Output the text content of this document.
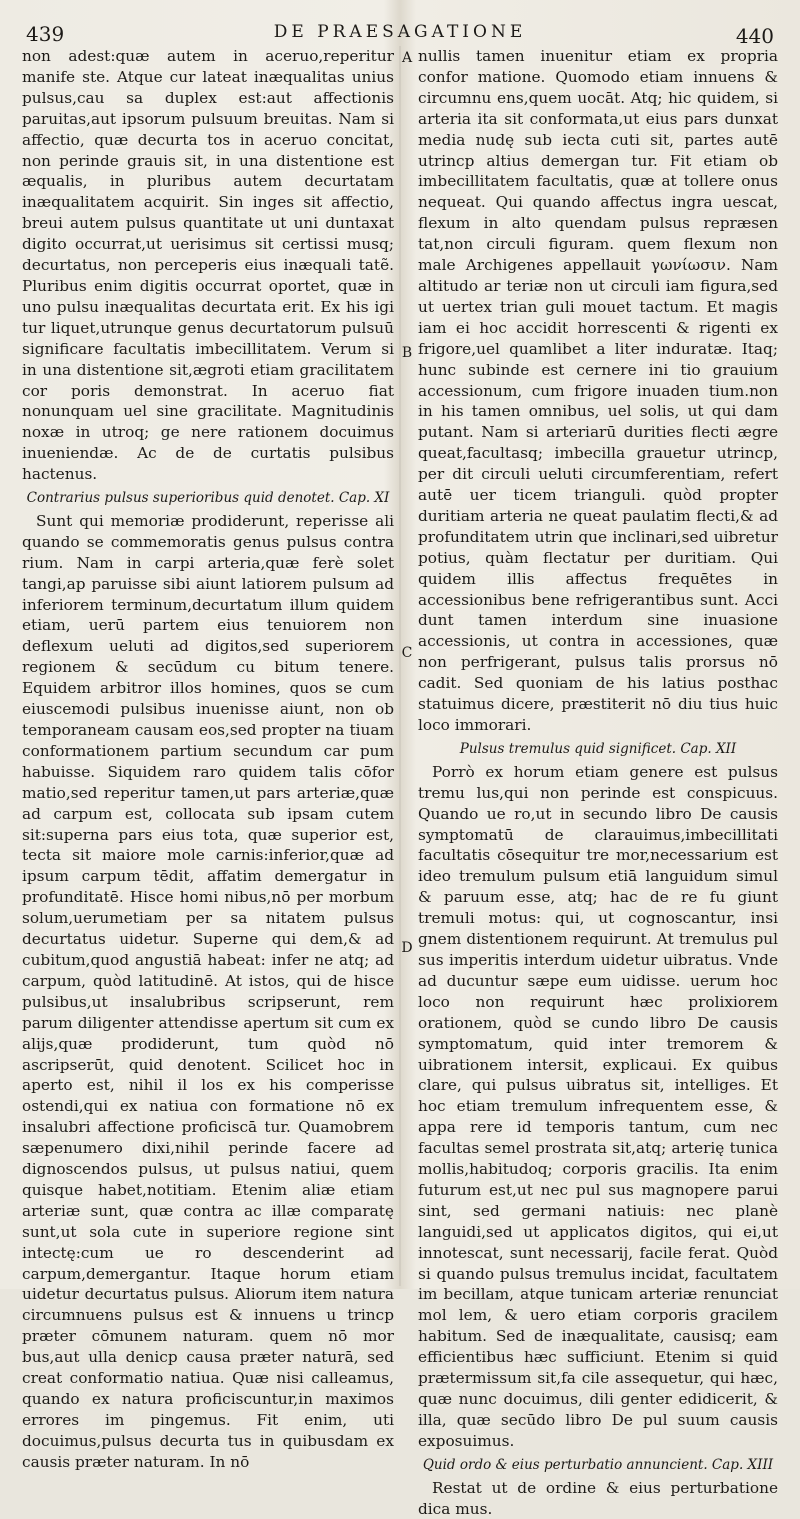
439	DE PRAESAGATIONE	440
A
B
C
D

non adest:quæ autem in aceruo,reperitur manife ste. Atque cur lateat inæqualitas unius pulsus,cau sa duplex est:aut affectionis paruitas,aut ipsorum pulsuum breuitas. Nam si affectio, quæ decurta tos in aceruo concitat, non perinde grauis sit, in una distentione est æqualis, in pluribus autem decurtatam inæqualitatem acquirit. Sin inges sit affectio, breui autem pulsus quantitate ut uni duntaxat digito occurrat,ut uerisimus sit certissi musq; decurtatus, non perceperis eius inæquali tatẽ. Pluribus enim digitis occurrat oportet, quæ in uno pulsu inæqualitas decurtata erit. Ex his igi tur liquet,utrunque genus decurtatorum pulsuū significare facultatis imbecillitatem. Verum si in una distentione sit,ægroti etiam gracilitatem cor poris demonstrat. In aceruo fiat nonunquam uel sine gracilitate. Magnitudinis noxæ in utroq; ge nere rationem docuimus inueniendæ. Ac de de curtatis pulsibus hactenus.

Contrarius pulsus superioribus quid denotet. Cap. XI

Sunt qui memoriæ prodiderunt, reperisse ali quando se commemoratis genus pulsus contra rium. Nam in carpi arteria,quæ ferè solet tangi,ap paruisse sibi aiunt latiorem pulsum ad inferiorem terminum,decurtatum illum quidem etiam, uerū partem eius tenuiorem non deflexum ueluti ad digitos,sed superiorem regionem & secūdum cu bitum tenere. Equidem arbitror illos homines, quos se cum eiuscemodi pulsibus inuenisse aiunt, non ob temporaneam causam eos,sed propter na tiuam conformationem partium secundum car pum habuisse. Siquidem raro quidem talis cōfor matio,sed reperitur tamen,ut pars arteriæ,quæ ad carpum est, collocata sub ipsam cutem sit:superna pars eius tota, quæ superior est, tecta sit maiore mole carnis:inferior,quæ ad ipsum carpum tēdit, affatim demergatur in profunditatē. Hisce homi nibus,nō per morbum solum,uerumetiam per sa nitatem pulsus decurtatus uidetur. Superne qui dem,& ad cubitum,quod angustiā habeat: infer ne atq; ad carpum, quòd latitudinē. At istos, qui de hisce pulsibus,ut insalubribus scripserunt, rem parum diligenter attendisse apertum sit cum ex alijs,quæ prodiderunt, tum quòd nō ascripserūt, quid denotent. Scilicet hoc in aperto est, nihil il los ex his comperisse ostendi,qui ex natiua con formatione nō ex insalubri affectione proficiscā tur. Quamobrem sæpenumero dixi,nihil perinde facere ad dignoscendos pulsus, ut pulsus natiui, quem quisque habet,notitiam. Etenim aliæ etiam arteriæ sunt, quæ contra ac illæ comparatę sunt,ut sola cute in superiore regione sint intectę:cum ue ro descenderint ad carpum,demergantur. Itaque horum etiam uidetur decurtatus pulsus. Aliorum item natura circumnuens pulsus est & innuens u trincp præter cōmunem naturam. quem nō mor bus,aut ulla denicp causa præter naturā, sed creat conformatio natiua. Quæ nisi calleamus, quando ex natura proficiscuntur,in maximos errores im pingemus. Fit enim, uti docuimus,pulsus decurta tus in quibusdam ex causis præter naturam. In nō

nullis tamen inuenitur etiam ex propria confor matione. Quomodo etiam innuens & circumnu ens,quem uocāt. Atq; hic quidem, si arteria ita sit conformata,ut eius pars dunxat media nudę sub iecta cuti sit, partes autē utrincp altius demergan tur. Fit etiam ob imbecillitatem facultatis, quæ at tollere onus nequeat. Qui quando affectus ingra uescat, flexum in alto quendam pulsus repræsen tat,non circuli figuram. quem flexum non male Archigenes appellauit γωνίωσιν. Nam altitudo ar teriæ non ut circuli iam figura,sed ut uertex trian guli mouet tactum. Et magis iam ei hoc accidit horrescenti & rigenti ex frigore,uel quamlibet a liter induratæ. Itaq; hunc subinde est cernere ini tio grauium accessionum, cum frigore inuaden tium.non in his tamen omnibus, uel solis, ut qui dam putant. Nam si arteriarū durities flecti ægre queat,facultasq; imbecilla grauetur utrincp, per dit circuli ueluti circumferentiam, refert autē uer ticem trianguli. quòd propter duritiam arteria ne queat paulatim flecti,& ad profunditatem utrin que inclinari,sed uibretur potius, quàm flectatur per duritiam. Qui quidem illis affectus frequētes in accessionibus bene refrigerantibus sunt. Acci dunt tamen interdum sine inuasione accessionis, ut contra in accessiones, quæ non perfrigerant, pulsus talis prorsus nō cadit. Sed quoniam de his latius posthac statuimus dicere, præstiterit nō diu tius huic loco immorari.

Pulsus tremulus quid significet. Cap. XII

Porrò ex horum etiam genere est pulsus tremu lus,qui non perinde est conspicuus. Quando ue ro,ut in secundo libro De causis symptomatū de clarauimus,imbecillitati facultatis cōsequitur tre mor,necessarium est ideo tremulum pulsum etiā languidum simul & paruum esse, atq; hac de re fu giunt tremuli motus: qui, ut cognoscantur, insi gnem distentionem requirunt. At tremulus pul sus imperitis interdum uidetur uibratus. Vnde ad ducuntur sæpe eum uidisse. uerum hoc loco non requirunt hæc prolixiorem orationem, quòd se cundo libro De causis symptomatum, quid inter tremorem & uibrationem intersit, explicaui. Ex quibus clare, qui pulsus uibratus sit, intelliges. Et hoc etiam tremulum infrequentem esse, & appa rere id temporis tantum, cum nec facultas semel prostrata sit,atq; arterię tunica mollis,habitudoq; corporis gracilis. Ita enim futurum est,ut nec pul sus magnopere parui sint, sed germani natiuis: nec planè languidi,sed ut applicatos digitos, qui ei,ut innotescat, sunt necessarij, facile ferat. Quòd si quando pulsus tremulus incidat, facultatem im becillam, atque tunicam arteriæ renunciat mol lem, & uero etiam corporis gracilem habitum. Sed de inæqualitate, causisq; eam efficientibus hæc sufficiunt. Etenim si quid prætermissum sit,fa cile assequetur, qui hæc, quæ nunc docuimus, dili genter edidicerit, & illa, quæ secūdo libro De pul suum causis exposuimus.

Quid ordo & eius perturbatio annuncient. Cap. XIII

Restat ut de ordine & eius perturbatione dica mus.
